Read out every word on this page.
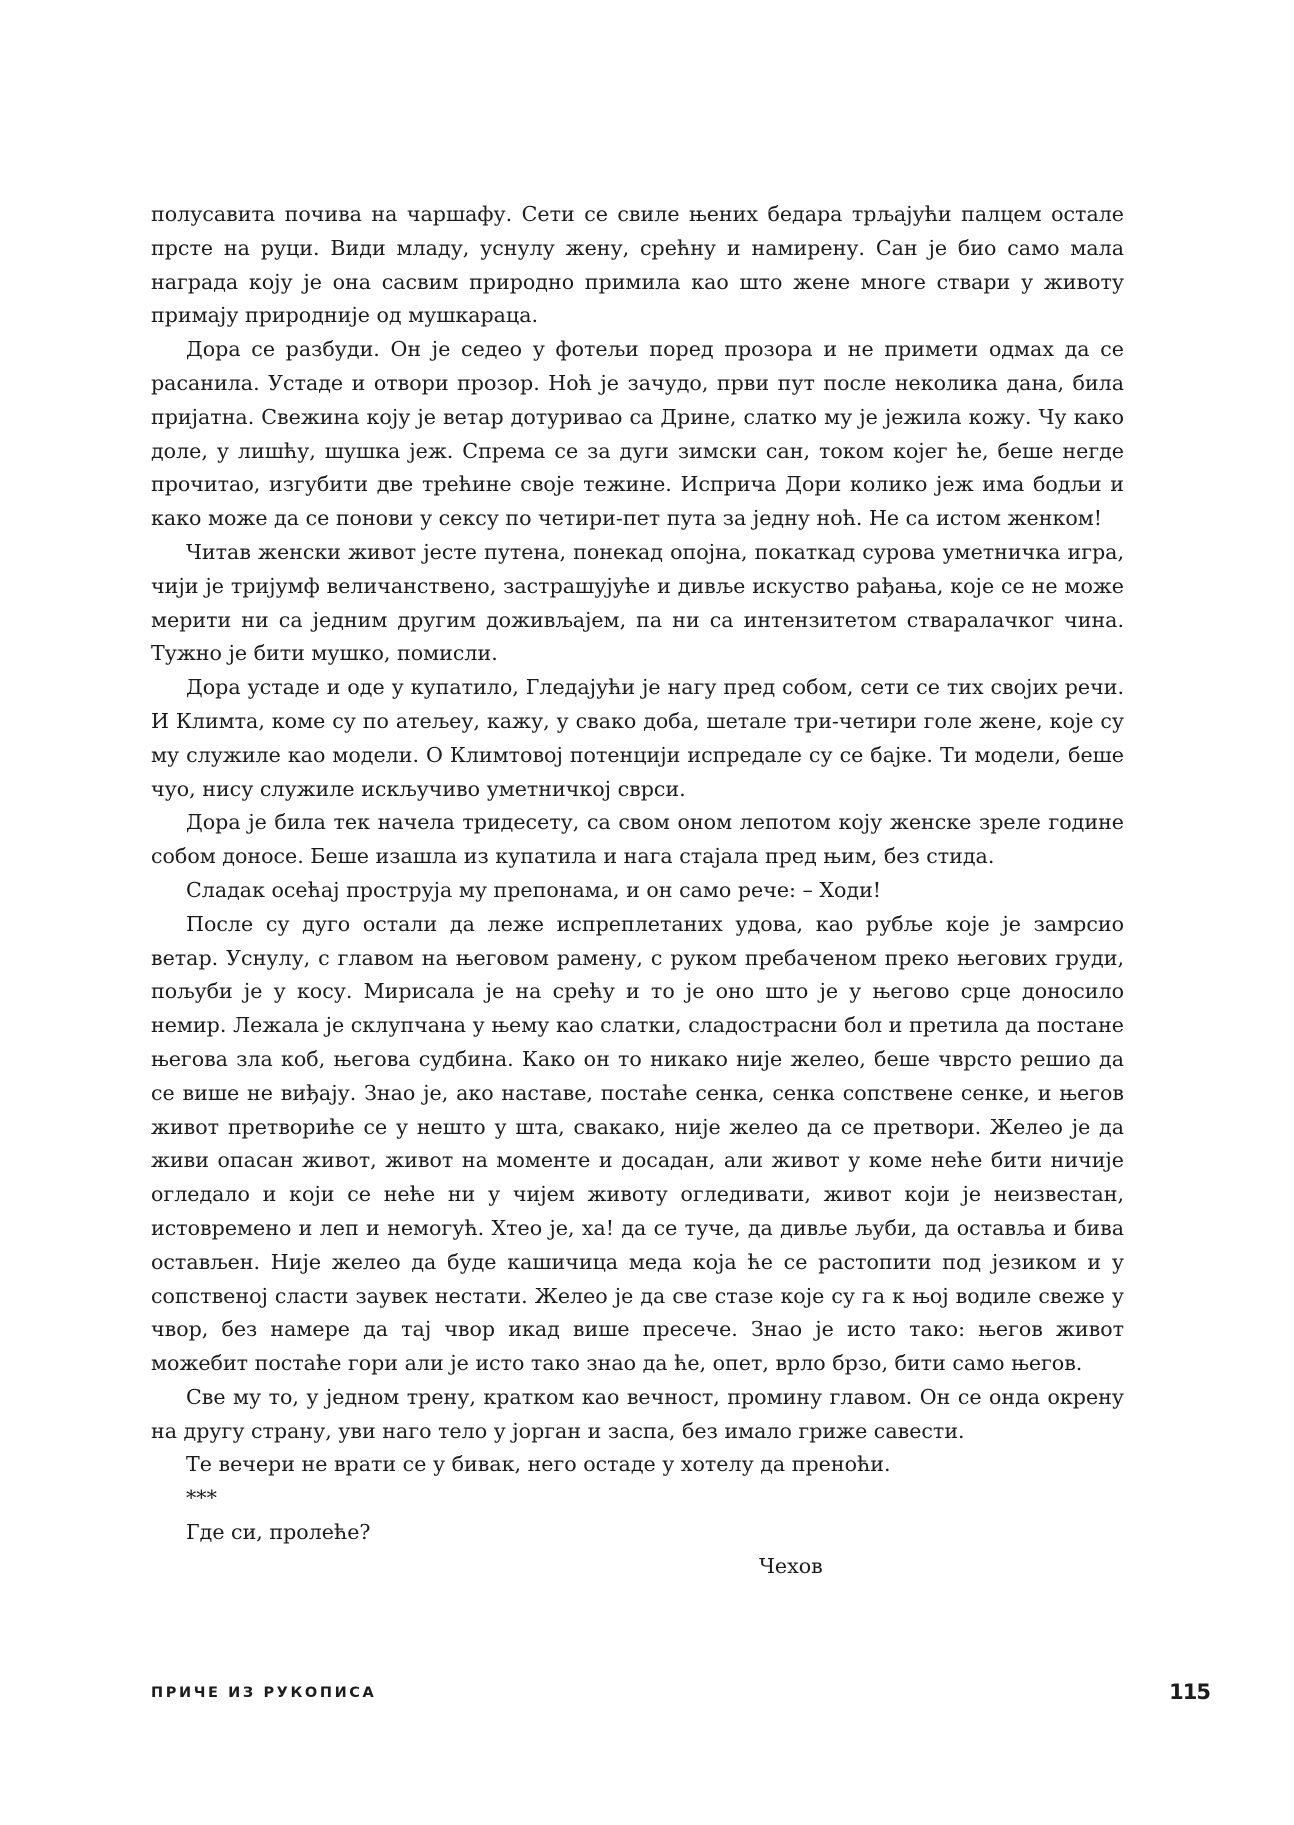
полусавита почива на чаршафу. Сети се свиле њених бедара трљајући палцем остале прсте на руци. Види младу, уснулу жену, срећну и намирену. Сан је био само мала награда коју је она сасвим природно примила као што жене многе ствари у животу примају природније од мушкараца.

Дора се разбуди. Он је седео у фотељи поред прозора и не примети одмах да се расанила. Устаде и отвори прозор. Ноћ је зачудо, први пут после неколика дана, била пријатна. Свежина коју је ветар дотуривао са Дрине, слатко му је јежила кожу. Чу како доле, у лишћу, шушка јеж. Спрема се за дуги зимски сан, током којег ће, беше негде прочитао, изгубити две трећине своје тежине. Исприча Дори колико јеж има бодљи и како може да се понови у сексу по четири-пет пута за једну ноћ. Не са истом женком!

Читав женски живот јесте путена, понекад опојна, покаткад сурова уметничка игра, чији је тријумф величанствено, застрашујуће и дивље искуство рађања, које се не може мерити ни са једним другим доживљајем, па ни са интензитетом стваралачког чина. Тужно је бити мушко, помисли.

Дора устаде и оде у купатило, Гледајући је нагу пред собом, сети се тих својих речи. И Климта, коме су по атељеу, кажу, у свако доба, шетале три-четири голе жене, које су му служиле као модели. О Климтовој потенцији испредале су се бајке. Ти модели, беше чуо, нису служиле искључиво уметничкој сврси.

Дора је била тек начела тридесету, са свом оном лепотом коју женске зреле године собом доносе. Беше изашла из купатила и нага стајала пред њим, без стида.

Сладак осећај проструја му препонама, и он само рече: – Ходи!

После су дуго остали да леже испреплетаних удова, као рубље које је замрсио ветар. Уснулу, с главом на његовом рамену, с руком пребаченом преко његових груди, пољуби је у косу. Мирисала је на срећу и то је оно што је у његово срце доносило немир. Лежала је склупчана у њему као слатки, сладострасни бол и претила да постане његова зла коб, његова судбина. Како он то никако није желео, беше чврсто решио да се више не виђају. Знао је, ако наставе, постаће сенка, сенка сопствене сенке, и његов живот претвориће се у нешто у шта, свакако, није желео да се претвори. Желео је да живи опасан живот, живот на моменте и досадан, али живот у коме неће бити ничије огледало и који се неће ни у чијем животу огледивати, живот који је неизвестан, истовремено и леп и немогућ. Хтео је, ха! да се туче, да дивље љуби, да оставља и бива остављен. Није желео да буде кашичица меда која ће се растопити под језиком и у сопственој сласти заувек нестати. Желео је да све стазе које су га к њој водиле свеже у чвор, без намере да тај чвор икад више пресече. Знао је исто тако: његов живот можебит постаће гори али је исто тако знао да ће, опет, врло брзо, бити само његов.

Све му то, у једном трену, кратком као вечност, промину главом. Он се онда окрену на другу страну, уви наго тело у јорган и заспа, без имало гриже савести.

Те вечери не врати се у бивак, него остаде у хотелу да преноћи.

***

Где си, пролеће?

Чехов

ПРИЧЕ ИЗ РУКОПИСА	115
